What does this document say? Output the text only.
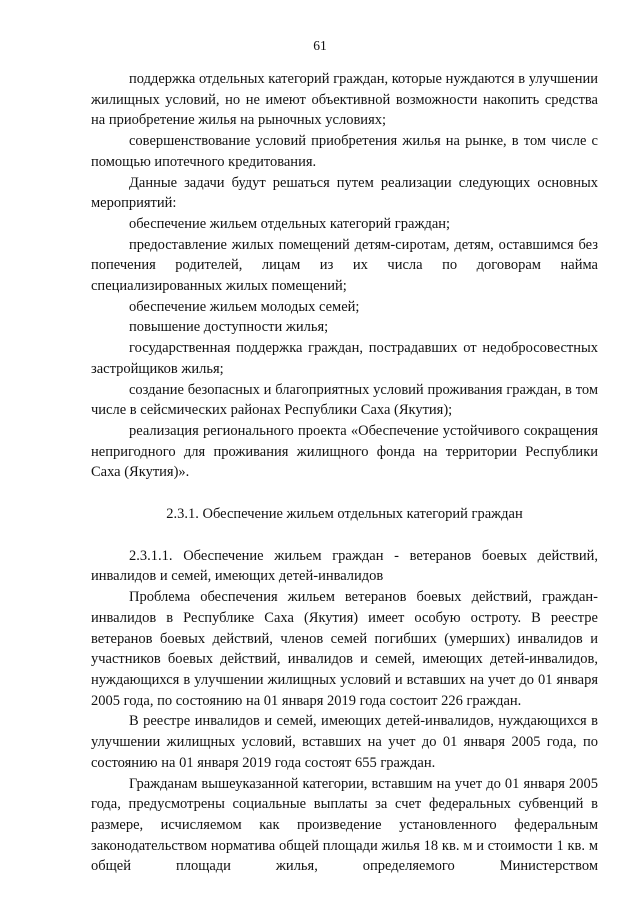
61

поддержка отдельных категорий граждан, которые нуждаются в улучшении жилищных условий, но не имеют объективной возможности накопить средства на приобретение жилья на рыночных условиях;

совершенствование условий приобретения жилья на рынке, в том числе с помощью ипотечного кредитования.

Данные задачи будут решаться путем реализации следующих основных мероприятий:

обеспечение жильем отдельных категорий граждан;

предоставление жилых помещений детям-сиротам, детям, оставшимся без попечения родителей, лицам из их числа по договорам найма специализированных жилых помещений;

обеспечение жильем молодых семей;

повышение доступности жилья;

государственная поддержка граждан, пострадавших от недобросовестных застройщиков жилья;

создание безопасных и благоприятных условий проживания граждан, в том числе в сейсмических районах Республики Саха (Якутия);

реализация регионального проекта «Обеспечение устойчивого сокращения непригодного для проживания жилищного фонда на территории Республики Саха (Якутия)».

2.3.1. Обеспечение жильем отдельных категорий граждан

2.3.1.1. Обеспечение жильем граждан - ветеранов боевых действий, инвалидов и семей, имеющих детей-инвалидов

Проблема обеспечения жильем ветеранов боевых действий, граждан-инвалидов в Республике Саха (Якутия) имеет особую остроту. В реестре ветеранов боевых действий, членов семей погибших (умерших) инвалидов и участников боевых действий, инвалидов и семей, имеющих детей-инвалидов, нуждающихся в улучшении жилищных условий и вставших на учет до 01 января 2005 года, по состоянию на 01 января 2019 года состоит 226 граждан.

В реестре инвалидов и семей, имеющих детей-инвалидов, нуждающихся в улучшении жилищных условий, вставших на учет до 01 января 2005 года, по состоянию на 01 января 2019 года состоят 655 граждан.

Гражданам вышеуказанной категории, вставшим на учет до 01 января 2005 года, предусмотрены социальные выплаты за счет федеральных субвенций в размере, исчисляемом как произведение установленного федеральным законодательством норматива общей площади жилья 18 кв. м и стоимости 1 кв. м общей площади жилья, определяемого Министерством
